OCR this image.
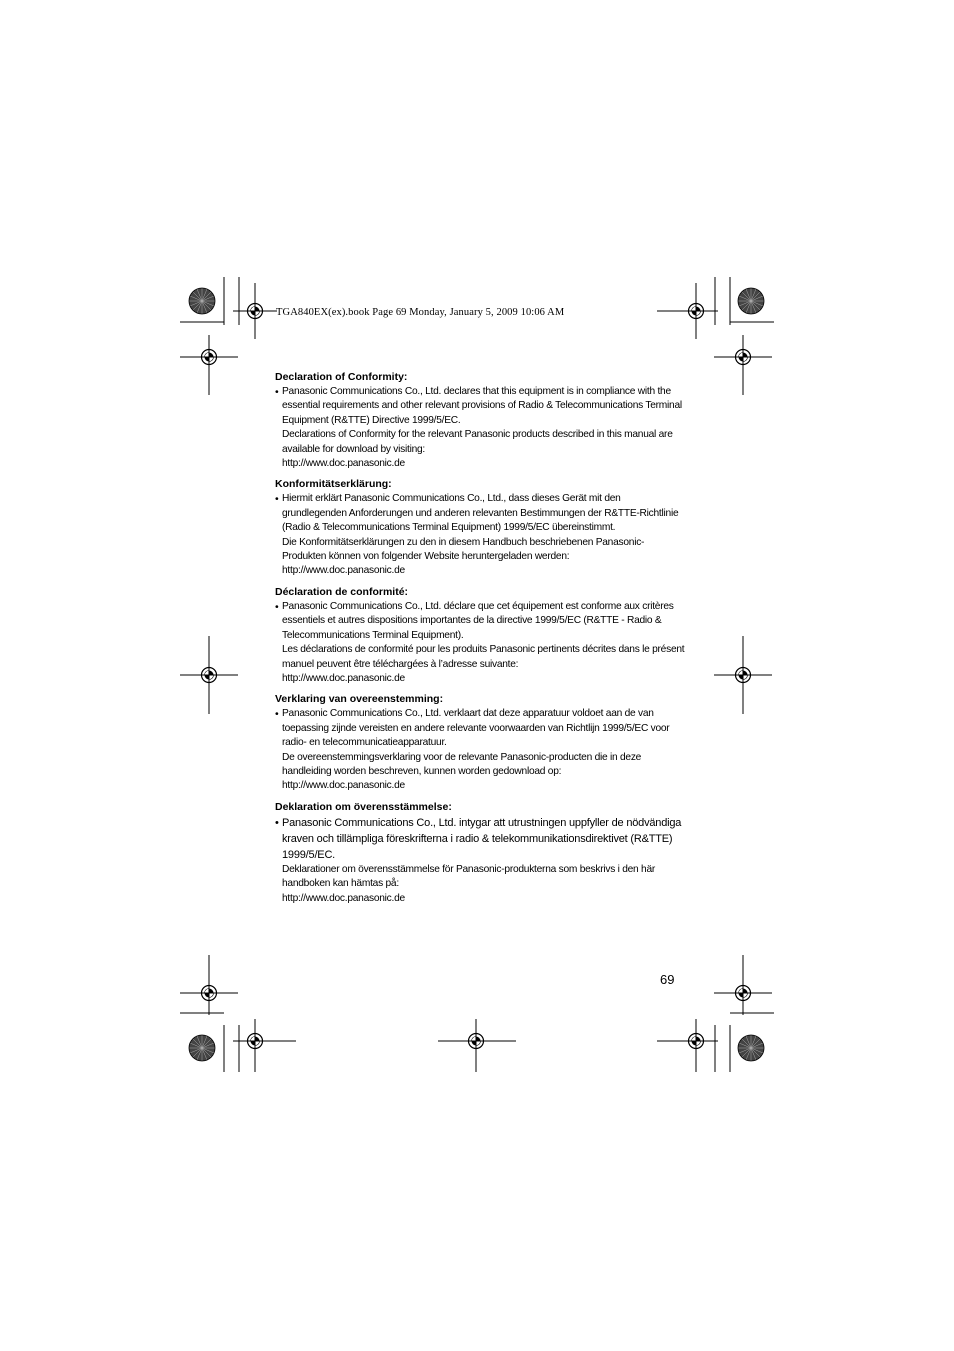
TGA840EX(ex).book Page 69 Monday, January 5, 2009 10:06 AM
Declaration of Conformity:
• Panasonic Communications Co., Ltd. declares that this equipment is in compliance with the essential requirements and other relevant provisions of Radio & Telecommunications Terminal Equipment (R&TTE) Directive 1999/5/EC.

Declarations of Conformity for the relevant Panasonic products described in this manual are available for download by visiting:

http://www.doc.panasonic.de

Konformitätserklärung:
• Hiermit erklärt Panasonic Communications Co., Ltd., dass dieses Gerät mit den grundlegenden Anforderungen und anderen relevanten Bestimmungen der R&TTE-Richtlinie (Radio & Telecommunications Terminal Equipment) 1999/5/EC übereinstimmt.

Die Konformitätserklärungen zu den in diesem Handbuch beschriebenen Panasonic-Produkten können von folgender Website heruntergeladen werden:

http://www.doc.panasonic.de

Déclaration de conformité:
• Panasonic Communications Co., Ltd. déclare que cet équipement est conforme aux critères essentiels et autres dispositions importantes de la directive 1999/5/EC (R&TTE - Radio & Telecommunications Terminal Equipment).

Les déclarations de conformité pour les produits Panasonic pertinents décrites dans le présent manuel peuvent être téléchargées à l’adresse suivante:

http://www.doc.panasonic.de

Verklaring van overeenstemming:
• Panasonic Communications Co., Ltd. verklaart dat deze apparatuur voldoet aan de van toepassing zijnde vereisten en andere relevante voorwaarden van Richtlijn 1999/5/EC voor radio- en telecommunicatieapparatuur.

De overeenstemmingsverklaring voor de relevante Panasonic-producten die in deze handleiding worden beschreven, kunnen worden gedownload op:

http://www.doc.panasonic.de

Deklaration om överensstämmelse:
• Panasonic Communications Co., Ltd. intygar att utrustningen uppfyller de nödvändiga kraven och tillämpliga föreskrifterna i radio & telekommunikationsdirektivet (R&TTE) 1999/5/EC.

Deklarationer om överensstämmelse för Panasonic-produkterna som beskrivs i den här handboken kan hämtas på:

http://www.doc.panasonic.de

69
